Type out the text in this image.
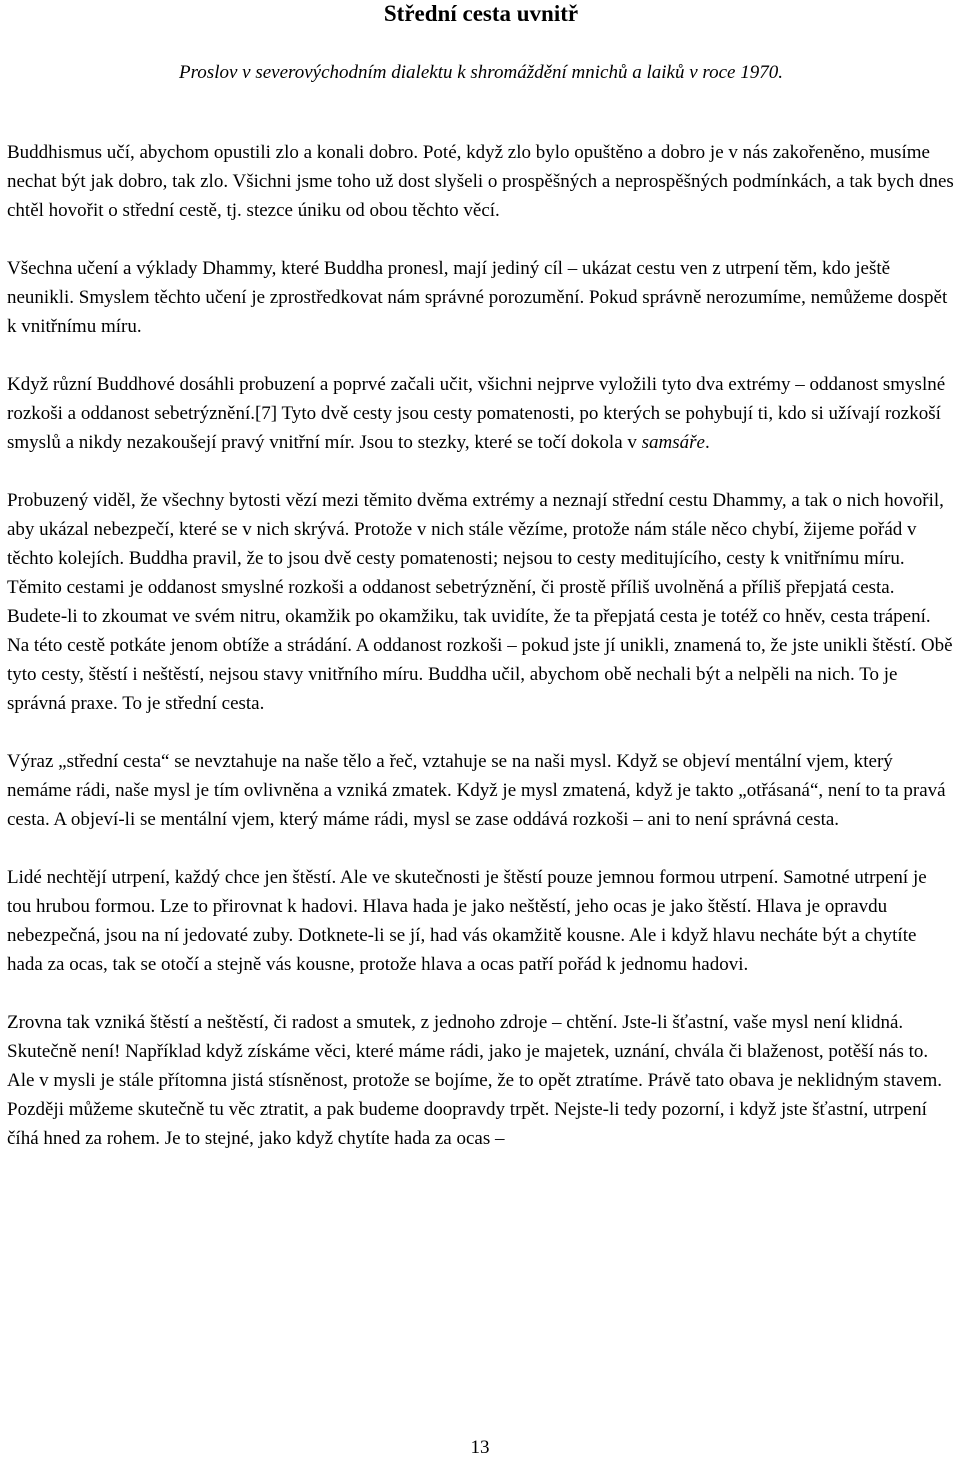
Střední cesta uvnitř

Proslov v severovýchodním dialektu k shromáždění mnichů a laiků v roce 1970.

Buddhismus učí, abychom opustili zlo a konali dobro. Poté, když zlo bylo opuštěno a dobro je v nás zakořeněno, musíme nechat být jak dobro, tak zlo. Všichni jsme toho už dost slyšeli o prospěšných a neprospěšných podmínkách, a tak bych dnes chtěl hovořit o střední cestě, tj. stezce úniku od obou těchto věcí.

Všechna učení a výklady Dhammy, které Buddha pronesl, mají jediný cíl – ukázat cestu ven z utrpení těm, kdo ještě neunikli. Smyslem těchto učení je zprostředkovat nám správné porozumění. Pokud správně nerozumíme, nemůžeme dospět k vnitřnímu míru.

Když různí Buddhové dosáhli probuzení a poprvé začali učit, všichni nejprve vyložili tyto dva extrémy – oddanost smyslné rozkoši a oddanost sebetrýznění.[7] Tyto dvě cesty jsou cesty pomatenosti, po kterých se pohybují ti, kdo si užívají rozkoší smyslů a nikdy nezakoušejí pravý vnitřní mír. Jsou to stezky, které se točí dokola v samsáře.

Probuzený viděl, že všechny bytosti vězí mezi těmito dvěma extrémy a neznají střední cestu Dhammy, a tak o nich hovořil, aby ukázal nebezpečí, které se v nich skrývá. Protože v nich stále vězíme, protože nám stále něco chybí, žijeme pořád v těchto kolejích. Buddha pravil, že to jsou dvě cesty pomatenosti; nejsou to cesty meditujícího, cesty k vnitřnímu míru. Těmito cestami je oddanost smyslné rozkoši a oddanost sebetrýznění, či prostě příliš uvolněná a příliš přepjatá cesta. Budete-li to zkoumat ve svém nitru, okamžik po okamžiku, tak uvidíte, že ta přepjatá cesta je totéž co hněv, cesta trápení. Na této cestě potkáte jenom obtíže a strádání. A oddanost rozkoši – pokud jste jí unikli, znamená to, že jste unikli štěstí. Obě tyto cesty, štěstí i neštěstí, nejsou stavy vnitřního míru. Buddha učil, abychom obě nechali být a nelpěli na nich. To je správná praxe. To je střední cesta.

Výraz „střední cesta“ se nevztahuje na naše tělo a řeč, vztahuje se na naši mysl. Když se objeví mentální vjem, který nemáme rádi, naše mysl je tím ovlivněna a vzniká zmatek. Když je mysl zmatená, když je takto „otřásaná“, není to ta pravá cesta. A objeví-li se mentální vjem, který máme rádi, mysl se zase oddává rozkoši – ani to není správná cesta.

Lidé nechtějí utrpení, každý chce jen štěstí. Ale ve skutečnosti je štěstí pouze jemnou formou utrpení. Samotné utrpení je tou hrubou formou. Lze to přirovnat k hadovi. Hlava hada je jako neštěstí, jeho ocas je jako štěstí. Hlava je opravdu nebezpečná, jsou na ní jedovaté zuby. Dotknete-li se jí, had vás okamžitě kousne. Ale i když hlavu necháte být a chytíte hada za ocas, tak se otočí a stejně vás kousne, protože hlava a ocas patří pořád k jednomu hadovi.

Zrovna tak vzniká štěstí a neštěstí, či radost a smutek, z jednoho zdroje – chtění. Jste-li šťastní, vaše mysl není klidná. Skutečně není! Například když získáme věci, které máme rádi, jako je majetek, uznání, chvála či blaženost, potěší nás to. Ale v mysli je stále přítomna jistá stísněnost, protože se bojíme, že to opět ztratíme. Právě tato obava je neklidným stavem. Později můžeme skutečně tu věc ztratit, a pak budeme doopravdy trpět. Nejste-li tedy pozorní, i když jste šťastní, utrpení číhá hned za rohem. Je to stejné, jako když chytíte hada za ocas –

13
